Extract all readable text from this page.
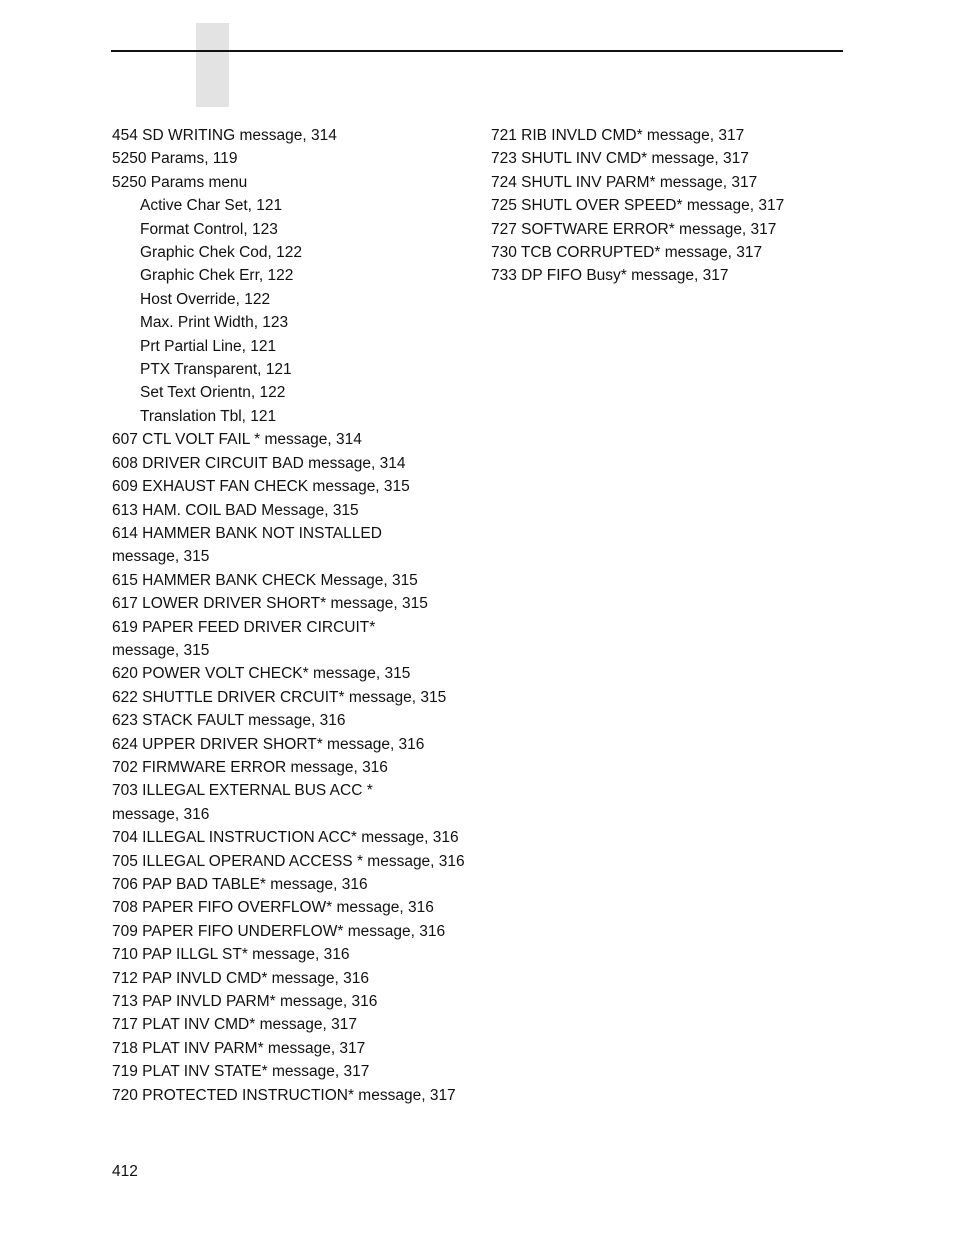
454 SD WRITING message, 314
5250 Params, 119
5250 Params menu
Active Char Set, 121
Format Control, 123
Graphic Chek Cod, 122
Graphic Chek Err, 122
Host Override, 122
Max. Print Width, 123
Prt Partial Line, 121
PTX Transparent, 121
Set Text Orientn, 122
Translation Tbl, 121
607 CTL VOLT FAIL * message, 314
608 DRIVER CIRCUIT BAD message, 314
609 EXHAUST FAN CHECK message, 315
613 HAM. COIL BAD Message, 315
614 HAMMER BANK NOT INSTALLED
message, 315
615 HAMMER BANK CHECK Message, 315
617 LOWER DRIVER SHORT* message, 315
619 PAPER FEED DRIVER CIRCUIT*
message, 315
620 POWER VOLT CHECK* message, 315
622 SHUTTLE DRIVER CRCUIT* message, 315
623 STACK FAULT message, 316
624 UPPER DRIVER SHORT* message, 316
702 FIRMWARE ERROR message, 316
703 ILLEGAL EXTERNAL BUS ACC *
message, 316
704 ILLEGAL INSTRUCTION ACC* message, 316
705 ILLEGAL OPERAND ACCESS * message, 316
706 PAP BAD TABLE* message, 316
708 PAPER FIFO OVERFLOW* message, 316
709 PAPER FIFO UNDERFLOW* message, 316
710 PAP ILLGL ST* message, 316
712 PAP INVLD CMD* message, 316
713 PAP INVLD PARM* message, 316
717 PLAT INV CMD* message, 317
718 PLAT INV PARM* message, 317
719 PLAT INV STATE* message, 317
720 PROTECTED INSTRUCTION* message, 317
721 RIB INVLD CMD* message, 317
723 SHUTL INV CMD* message, 317
724 SHUTL INV PARM* message, 317
725 SHUTL OVER SPEED* message, 317
727 SOFTWARE ERROR* message, 317
730 TCB CORRUPTED* message, 317
733 DP FIFO Busy* message, 317
412
